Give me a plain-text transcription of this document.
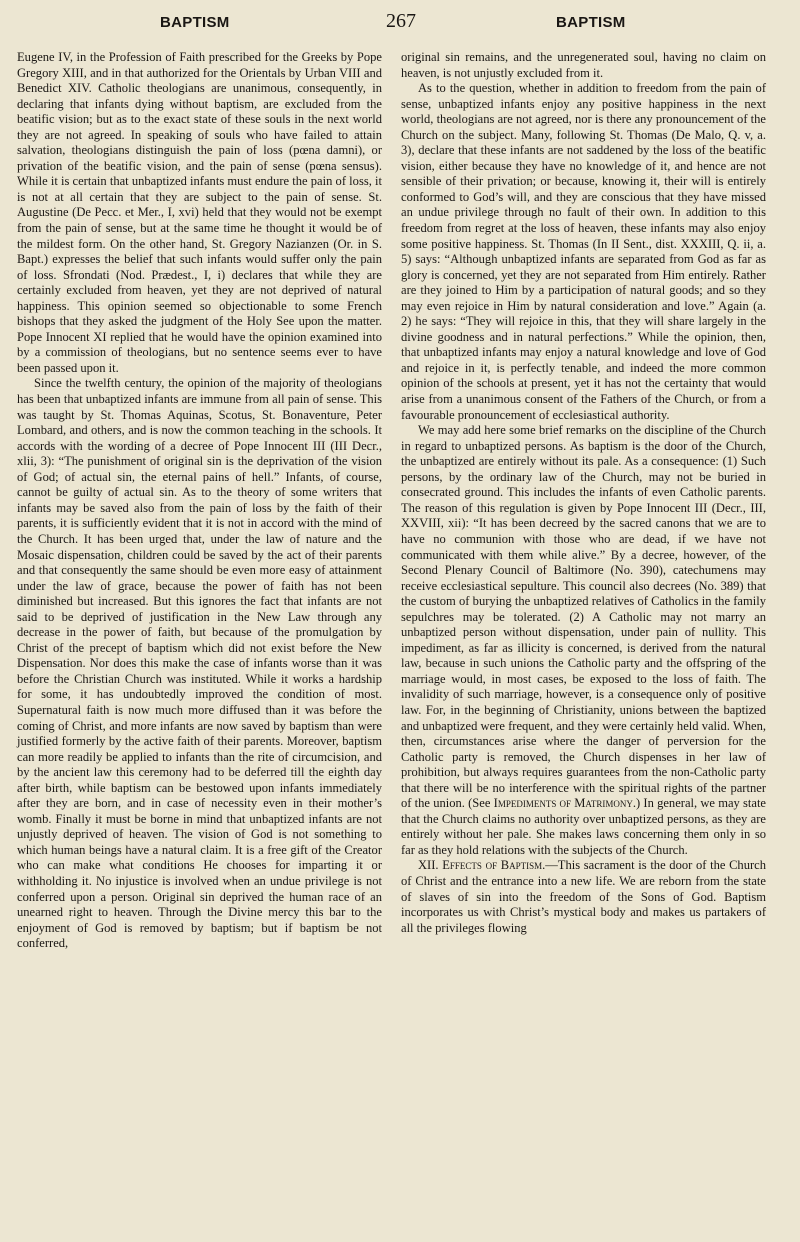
BAPTISM	267	BAPTISM

Eugene IV, in the Profession of Faith prescribed for the Greeks by Pope Gregory XIII, and in that authorized for the Orientals by Urban VIII and Benedict XIV. Catholic theologians are unanimous, consequently, in declaring that infants dying without baptism, are excluded from the beatific vision; but as to the exact state of these souls in the next world they are not agreed. In speaking of souls who have failed to attain salvation, theologians distinguish the pain of loss (pœna damni), or privation of the beatific vision, and the pain of sense (pœna sensus). While it is certain that unbaptized infants must endure the pain of loss, it is not at all certain that they are subject to the pain of sense. St. Augustine (De Pecc. et Mer., I, xvi) held that they would not be exempt from the pain of sense, but at the same time he thought it would be of the mildest form. On the other hand, St. Gregory Nazianzen (Or. in S. Bapt.) expresses the belief that such infants would suffer only the pain of loss. Sfrondati (Nod. Prædest., I, i) declares that while they are certainly excluded from heaven, yet they are not deprived of natural happiness. This opinion seemed so objectionable to some French bishops that they asked the judgment of the Holy See upon the matter. Pope Innocent XI replied that he would have the opinion examined into by a commission of theologians, but no sentence seems ever to have been passed upon it.

Since the twelfth century, the opinion of the majority of theologians has been that unbaptized infants are immune from all pain of sense. This was taught by St. Thomas Aquinas, Scotus, St. Bonaventure, Peter Lombard, and others, and is now the common teaching in the schools. It accords with the wording of a decree of Pope Innocent III (III Decr., xlii, 3): “The punishment of original sin is the deprivation of the vision of God; of actual sin, the eternal pains of hell.” Infants, of course, cannot be guilty of actual sin. As to the theory of some writers that infants may be saved also from the pain of loss by the faith of their parents, it is sufficiently evident that it is not in accord with the mind of the Church. It has been urged that, under the law of nature and the Mosaic dispensation, children could be saved by the act of their parents and that consequently the same should be even more easy of attainment under the law of grace, because the power of faith has not been diminished but increased. But this ignores the fact that infants are not said to be deprived of justification in the New Law through any decrease in the power of faith, but because of the promulgation by Christ of the precept of baptism which did not exist before the New Dispensation. Nor does this make the case of infants worse than it was before the Christian Church was instituted. While it works a hardship for some, it has undoubtedly improved the condition of most. Supernatural faith is now much more diffused than it was before the coming of Christ, and more infants are now saved by baptism than were justified formerly by the active faith of their parents. Moreover, baptism can more readily be applied to infants than the rite of circumcision, and by the ancient law this ceremony had to be deferred till the eighth day after birth, while baptism can be bestowed upon infants immediately after they are born, and in case of necessity even in their mother’s womb. Finally it must be borne in mind that unbaptized infants are not unjustly deprived of heaven. The vision of God is not something to which human beings have a natural claim. It is a free gift of the Creator who can make what conditions He chooses for imparting it or withholding it. No injustice is involved when an undue privilege is not conferred upon a person. Original sin deprived the human race of an unearned right to heaven. Through the Divine mercy this bar to the enjoyment of God is removed by baptism; but if baptism be not conferred,

original sin remains, and the unregenerated soul, having no claim on heaven, is not unjustly excluded from it.

As to the question, whether in addition to freedom from the pain of sense, unbaptized infants enjoy any positive happiness in the next world, theologians are not agreed, nor is there any pronouncement of the Church on the subject. Many, following St. Thomas (De Malo, Q. v, a. 3), declare that these infants are not saddened by the loss of the beatific vision, either because they have no knowledge of it, and hence are not sensible of their privation; or because, knowing it, their will is entirely conformed to God’s will, and they are conscious that they have missed an undue privilege through no fault of their own. In addition to this freedom from regret at the loss of heaven, these infants may also enjoy some positive happiness. St. Thomas (In II Sent., dist. XXXIII, Q. ii, a. 5) says: “Although unbaptized infants are separated from God as far as glory is concerned, yet they are not separated from Him entirely. Rather are they joined to Him by a participation of natural goods; and so they may even rejoice in Him by natural consideration and love.” Again (a. 2) he says: “They will rejoice in this, that they will share largely in the divine goodness and in natural perfections.” While the opinion, then, that unbaptized infants may enjoy a natural knowledge and love of God and rejoice in it, is perfectly tenable, and indeed the more common opinion of the schools at present, yet it has not the certainty that would arise from a unanimous consent of the Fathers of the Church, or from a favourable pronouncement of ecclesiastical authority.

We may add here some brief remarks on the discipline of the Church in regard to unbaptized persons. As baptism is the door of the Church, the unbaptized are entirely without its pale. As a consequence: (1) Such persons, by the ordinary law of the Church, may not be buried in consecrated ground. This includes the infants of even Catholic parents. The reason of this regulation is given by Pope Innocent III (Decr., III, XXVIII, xii): “It has been decreed by the sacred canons that we are to have no communion with those who are dead, if we have not communicated with them while alive.” By a decree, however, of the Second Plenary Council of Baltimore (No. 390), catechumens may receive ecclesiastical sepulture. This council also decrees (No. 389) that the custom of burying the unbaptized relatives of Catholics in the family sepulchres may be tolerated. (2) A Catholic may not marry an unbaptized person without dispensation, under pain of nullity. This impediment, as far as illicity is concerned, is derived from the natural law, because in such unions the Catholic party and the offspring of the marriage would, in most cases, be exposed to the loss of faith. The invalidity of such marriage, however, is a consequence only of positive law. For, in the beginning of Christianity, unions between the baptized and unbaptized were frequent, and they were certainly held valid. When, then, circumstances arise where the danger of perversion for the Catholic party is removed, the Church dispenses in her law of prohibition, but always requires guarantees from the non-Catholic party that there will be no interference with the spiritual rights of the partner of the union. (See Impediments of Matrimony.) In general, we may state that the Church claims no authority over unbaptized persons, as they are entirely without her pale. She makes laws concerning them only in so far as they hold relations with the subjects of the Church.

XII. Effects of Baptism.—This sacrament is the door of the Church of Christ and the entrance into a new life. We are reborn from the state of slaves of sin into the freedom of the Sons of God. Baptism incorporates us with Christ’s mystical body and makes us partakers of all the privileges flowing
